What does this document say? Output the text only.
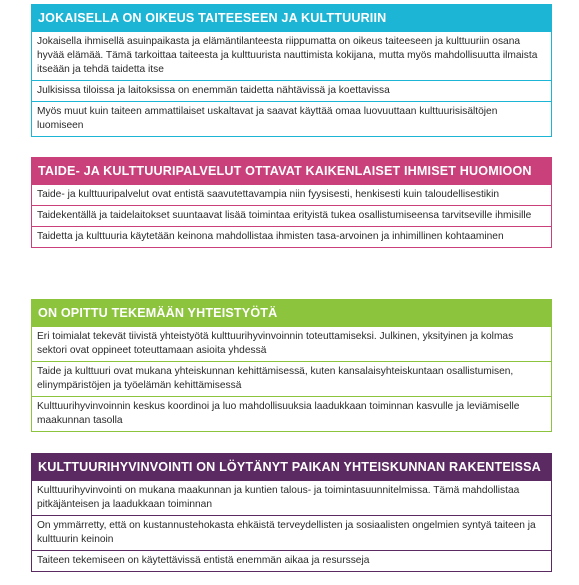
JOKAISELLA ON OIKEUS TAITEESEEN JA KULTTUURIIN
Jokaisella ihmisellä asuinpaikasta ja elämäntilanteesta riippumatta on oikeus taiteeseen ja kulttuuriin osana hyvää elämää. Tämä tarkoittaa taiteesta ja kulttuurista nauttimista kokijana, mutta myös mahdollisuutta ilmaista itseään ja tehdä taidetta itse
Julkisissa tiloissa ja laitoksissa on enemmän taidetta nähtävissä ja koettavissa
Myös muut kuin taiteen ammattilaiset uskaltavat ja saavat käyttää omaa luovuuttaan kulttuurisisältöjen luomiseen
TAIDE- JA KULTTUURIPALVELUT OTTAVAT KAIKENLAISET IHMISET HUOMIOON
Taide- ja kulttuuripalvelut ovat entistä saavutettavampia niin fyysisesti, henkisesti kuin taloudellisestikin
Taidekentällä ja taidelaitokset suuntaavat lisää toimintaa erityistä tukea osallistumiseensa tarvitseville ihmisille
Taidetta ja kulttuuria käytetään keinona mahdollistaa ihmisten tasa-arvoinen ja inhimillinen kohtaaminen
ON OPITTU TEKEMÄÄN YHTEISTYÖTÄ
Eri toimialat tekevät tiivistä yhteistyötä kulttuurihyvinvoinnin toteuttamiseksi. Julkinen, yksityinen ja kolmas sektori ovat oppineet toteuttamaan asioita yhdessä
Taide ja kulttuuri ovat mukana yhteiskunnan kehittämisessä, kuten kansalaisyhteiskuntaan osallistumisen, elinympäristöjen ja työelämän kehittämisessä
Kulttuurihyvinvoinnin keskus koordinoi ja luo mahdollisuuksia laadukkaan toiminnan kasvulle ja leviämiselle maakunnan tasolla
KULTTUURIHYVINVOINTI ON LÖYTÄNYT PAIKAN YHTEISKUNNAN RAKENTEISSA
Kulttuurihyvinvointi on mukana maakunnan ja kuntien talous- ja toimintasuunnitelmissa. Tämä mahdollistaa pitkäjänteisen ja laadukkaan toiminnan
On ymmärretty, että on kustannustehokasta ehkäistä terveydellisten ja sosiaalisten ongelmien syntyä taiteen ja kulttuurin keinoin
Taiteen tekemiseen on käytettävissä entistä enemmän aikaa ja resursseja
